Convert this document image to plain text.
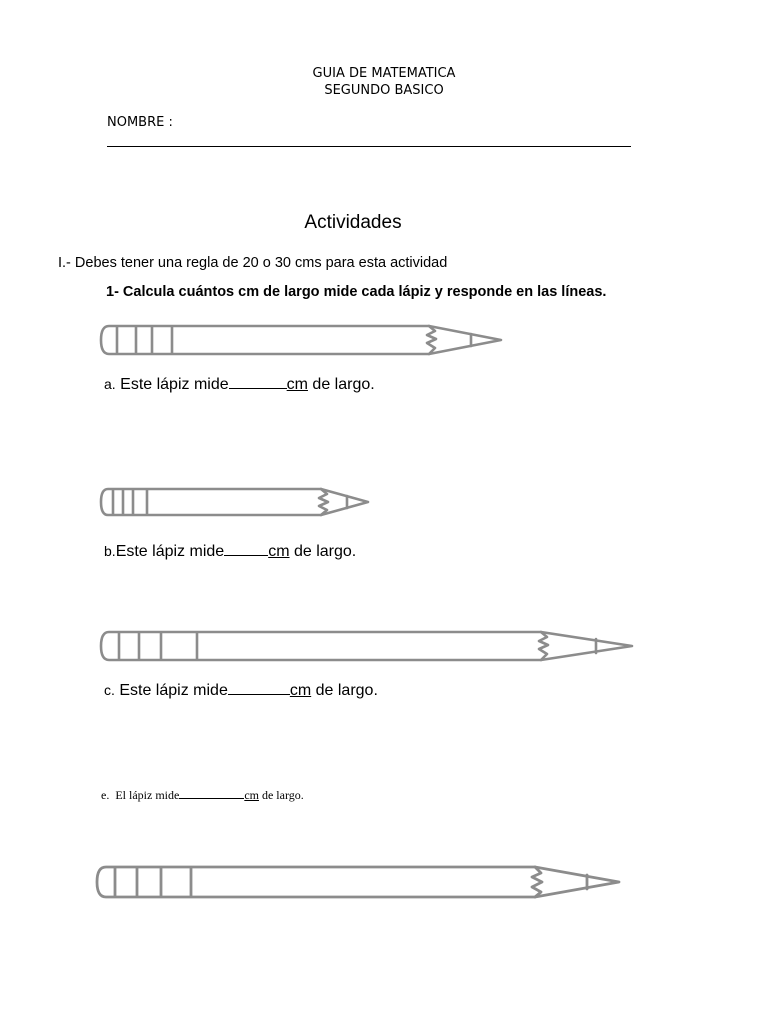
GUIA DE MATEMATICA
SEGUNDO BASICO
NOMBRE :
Actividades
I.- Debes tener una regla de 20 o 30 cms para esta actividad
1- Calcula cuántos cm de largo mide cada lápiz y responde en las líneas.
a. Este lápiz mide	cm de largo.
b.Este lápiz mide	cm de largo.
c. Este lápiz mide	cm de largo.
e. El lápiz mide	cm de largo.
